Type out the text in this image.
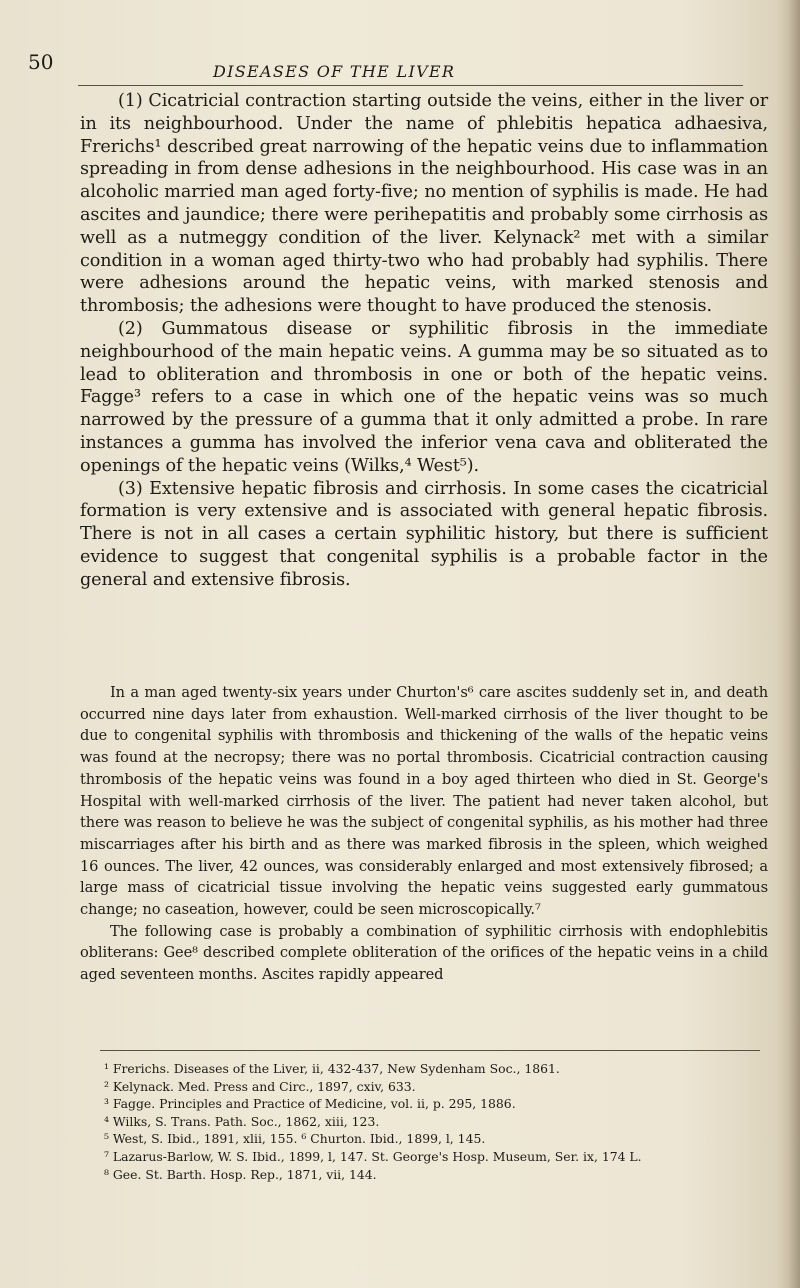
50	DISEASES OF THE LIVER

(1) Cicatricial contraction starting outside the veins, either in the liver or in its neighbourhood. Under the name of phlebitis hepatica adhaesiva, Frerichs¹ described great narrowing of the hepatic veins due to inflammation spreading in from dense adhesions in the neighbourhood. His case was in an alcoholic married man aged forty-five; no mention of syphilis is made. He had ascites and jaundice; there were perihepatitis and probably some cirrhosis as well as a nutmeggy condition of the liver. Kelynack² met with a similar condition in a woman aged thirty-two who had probably had syphilis. There were adhesions around the hepatic veins, with marked stenosis and thrombosis; the adhesions were thought to have produced the stenosis.

(2) Gummatous disease or syphilitic fibrosis in the immediate neighbourhood of the main hepatic veins. A gumma may be so situated as to lead to obliteration and thrombosis in one or both of the hepatic veins. Fagge³ refers to a case in which one of the hepatic veins was so much narrowed by the pressure of a gumma that it only admitted a probe. In rare instances a gumma has involved the inferior vena cava and obliterated the openings of the hepatic veins (Wilks,⁴ West⁵).

(3) Extensive hepatic fibrosis and cirrhosis. In some cases the cicatricial formation is very extensive and is associated with general hepatic fibrosis. There is not in all cases a certain syphilitic history, but there is sufficient evidence to suggest that congenital syphilis is a probable factor in the general and extensive fibrosis.

In a man aged twenty-six years under Churton's⁶ care ascites suddenly set in, and death occurred nine days later from exhaustion. Well-marked cirrhosis of the liver thought to be due to congenital syphilis with thrombosis and thickening of the walls of the hepatic veins was found at the necropsy; there was no portal thrombosis. Cicatricial contraction causing thrombosis of the hepatic veins was found in a boy aged thirteen who died in St. George's Hospital with well-marked cirrhosis of the liver. The patient had never taken alcohol, but there was reason to believe he was the subject of congenital syphilis, as his mother had three miscarriages after his birth and as there was marked fibrosis in the spleen, which weighed 16 ounces. The liver, 42 ounces, was considerably enlarged and most extensively fibrosed; a large mass of cicatricial tissue involving the hepatic veins suggested early gummatous change; no caseation, however, could be seen microscopically.⁷

The following case is probably a combination of syphilitic cirrhosis with endophlebitis obliterans: Gee⁸ described complete obliteration of the orifices of the hepatic veins in a child aged seventeen months. Ascites rapidly appeared

¹ Frerichs. Diseases of the Liver, ii, 432-437, New Sydenham Soc., 1861.

² Kelynack. Med. Press and Circ., 1897, cxiv, 633.

³ Fagge. Principles and Practice of Medicine, vol. ii, p. 295, 1886.

⁴ Wilks, S. Trans. Path. Soc., 1862, xiii, 123.

⁵ West, S. Ibid., 1891, xlii, 155. ⁶ Churton. Ibid., 1899, l, 145.

⁷ Lazarus-Barlow, W. S. Ibid., 1899, l, 147. St. George's Hosp. Museum, Ser. ix, 174 L.

⁸ Gee. St. Barth. Hosp. Rep., 1871, vii, 144.
